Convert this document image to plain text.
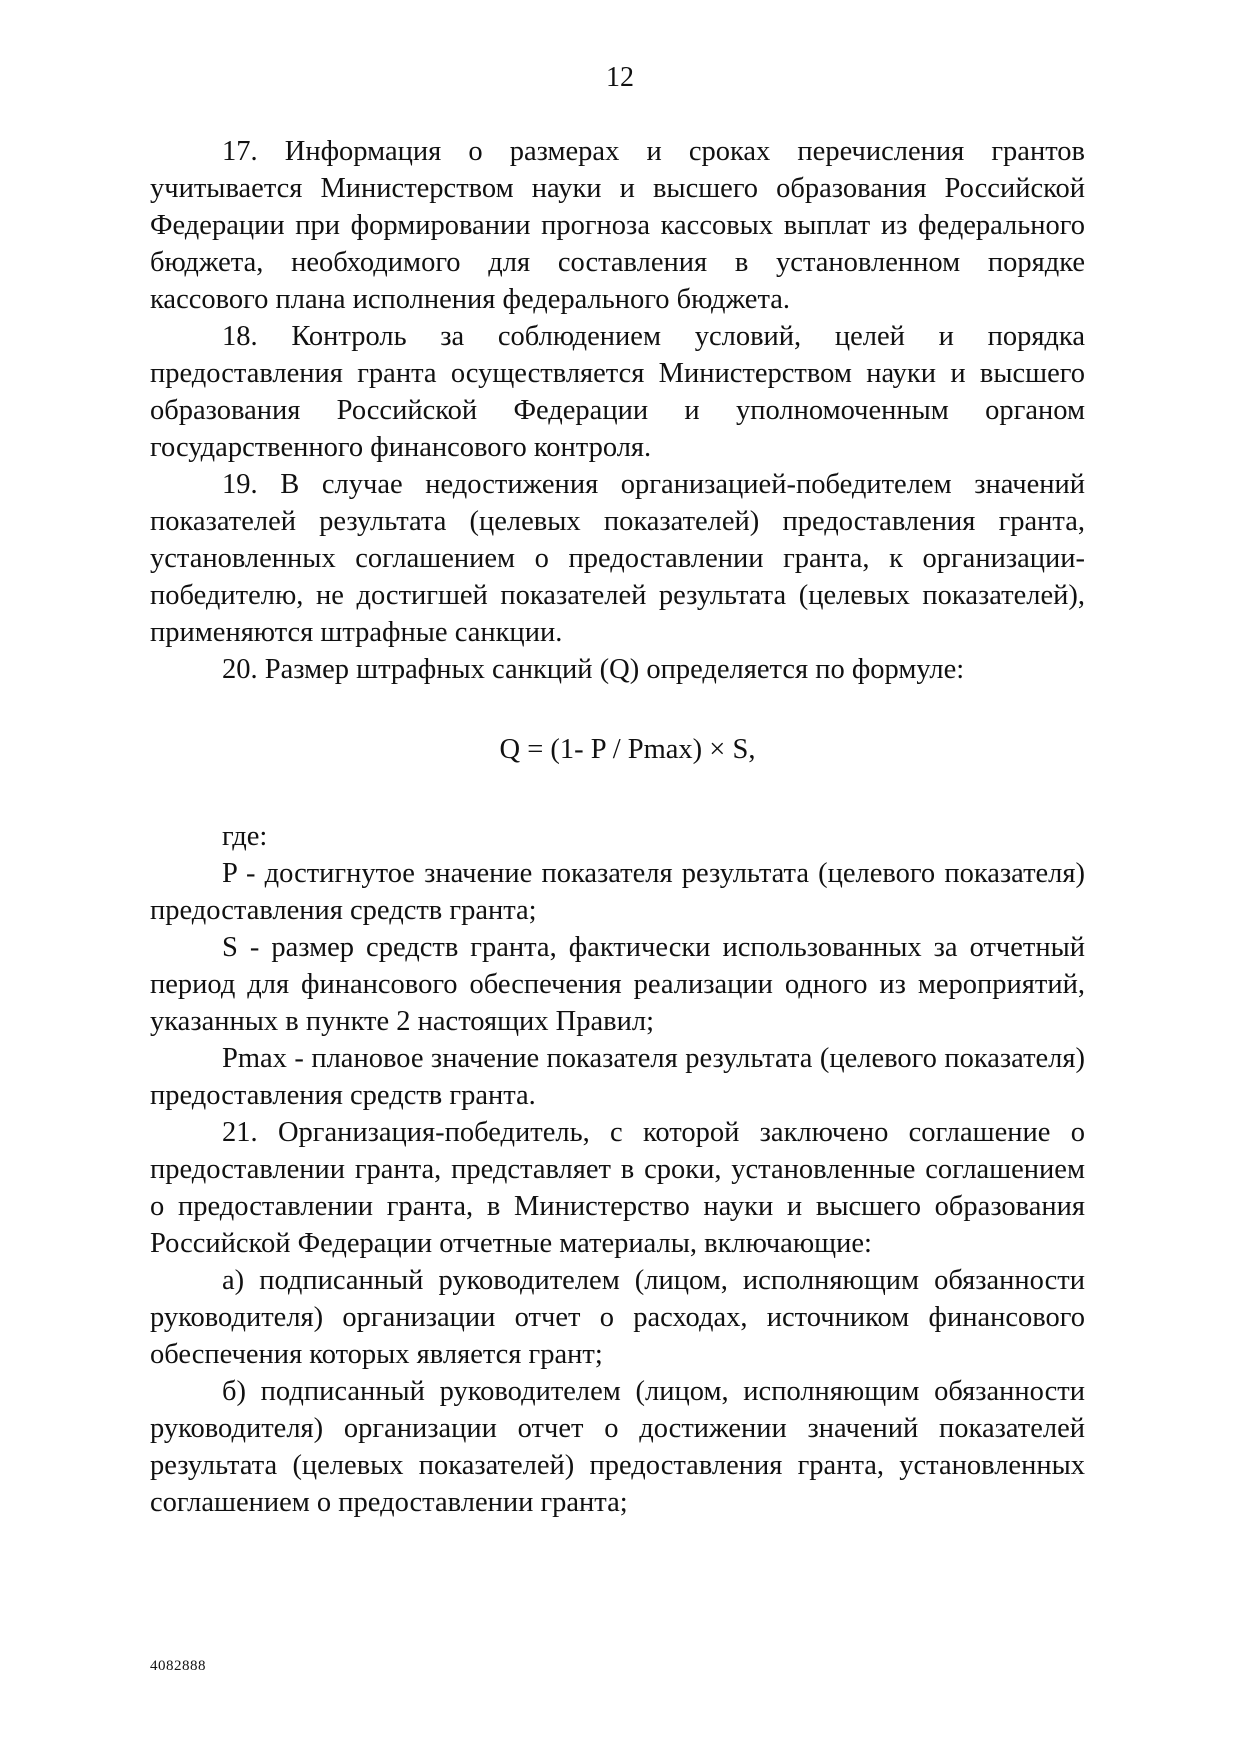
12

17. Информация о размерах и сроках перечисления грантов учитывается Министерством науки и высшего образования Российской Федерации при формировании прогноза кассовых выплат из федерального бюджета, необходимого для составления в установленном порядке кассового плана исполнения федерального бюджета.

18. Контроль за соблюдением условий, целей и порядка предоставления гранта осуществляется Министерством науки и высшего образования Российской Федерации и уполномоченным органом государственного финансового контроля.

19. В случае недостижения организацией-победителем значений показателей результата (целевых показателей) предоставления гранта, установленных соглашением о предоставлении гранта, к организации-победителю, не достигшей показателей результата (целевых показателей), применяются штрафные санкции.

20. Размер штрафных санкций (Q) определяется по формуле:

Q = (1- P / Pmax) × S,

где:

P - достигнутое значение показателя результата (целевого показателя) предоставления средств гранта;

S - размер средств гранта, фактически использованных за отчетный период для финансового обеспечения реализации одного из мероприятий, указанных в пункте 2 настоящих Правил;

Pmax - плановое значение показателя результата (целевого показателя) предоставления средств гранта.

21. Организация-победитель, с которой заключено соглашение о предоставлении гранта, представляет в сроки, установленные соглашением о предоставлении гранта, в Министерство науки и высшего образования Российской Федерации отчетные материалы, включающие:

а) подписанный руководителем (лицом, исполняющим обязанности руководителя) организации отчет о расходах, источником финансового обеспечения которых является грант;

б) подписанный руководителем (лицом, исполняющим обязанности руководителя) организации отчет о достижении значений показателей результата (целевых показателей) предоставления гранта, установленных соглашением о предоставлении гранта;

4082888
